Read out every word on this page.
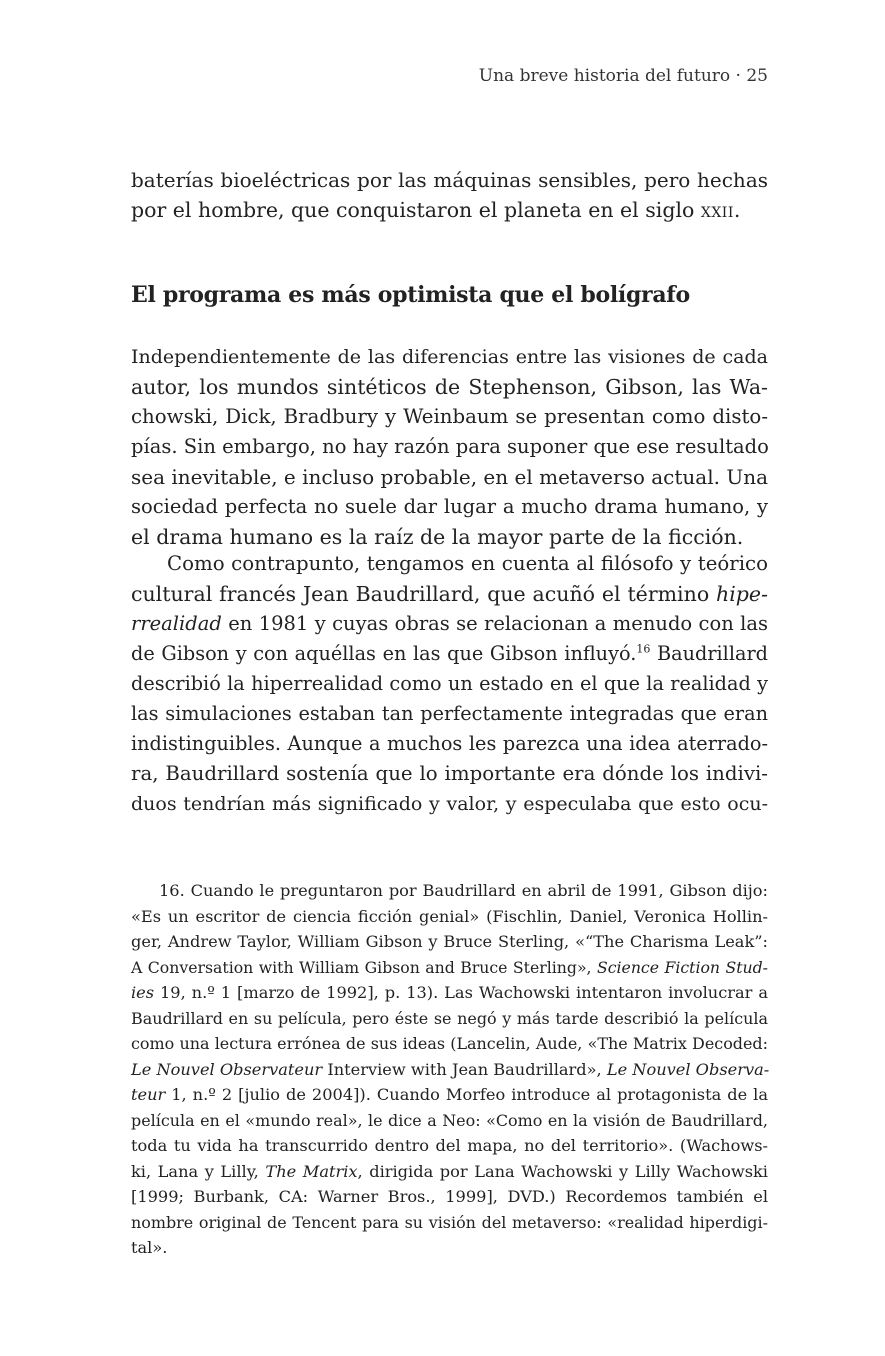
Una breve historia del futuro · 25
baterías bioeléctricas por las máquinas sensibles, pero hechas
por el hombre, que conquistaron el planeta en el siglo xxii.
El programa es más optimista que el bolígrafo
Independientemente de las diferencias entre las visiones de cada
autor, los mundos sintéticos de Stephenson, Gibson, las Wa-
chowski, Dick, Bradbury y Weinbaum se presentan como disto-
pías. Sin embargo, no hay razón para suponer que ese resultado
sea inevitable, e incluso probable, en el metaverso actual. Una
sociedad perfecta no suele dar lugar a mucho drama humano, y
el drama humano es la raíz de la mayor parte de la ficción.
Como contrapunto, tengamos en cuenta al filósofo y teórico
cultural francés Jean Baudrillard, que acuñó el término hipe-
rrealidad en 1981 y cuyas obras se relacionan a menudo con las
de Gibson y con aquéllas en las que Gibson influyó.$^{16}$ Baudrillard
describió la hiperrealidad como un estado en el que la realidad y
las simulaciones estaban tan perfectamente integradas que eran
indistinguibles. Aunque a muchos les parezca una idea aterrado-
ra, Baudrillard sostenía que lo importante era dónde los indivi-
duos tendrían más significado y valor, y especulaba que esto ocu-
16. Cuando le preguntaron por Baudrillard en abril de 1991, Gibson dijo:
«Es un escritor de ciencia ficción genial» (Fischlin, Daniel, Veronica Hollin-
ger, Andrew Taylor, William Gibson y Bruce Sterling, «“The Charisma Leak”:
A Conversation with William Gibson and Bruce Sterling», Science Fiction Stud-
ies 19, n.º 1 [marzo de 1992], p. 13). Las Wachowski intentaron involucrar a
Baudrillard en su película, pero éste se negó y más tarde describió la película
como una lectura errónea de sus ideas (Lancelin, Aude, «The Matrix Decoded:
Le Nouvel Observateur Interview with Jean Baudrillard», Le Nouvel Observa-
teur 1, n.º 2 [julio de 2004]). Cuando Morfeo introduce al protagonista de la
película en el «mundo real», le dice a Neo: «Como en la visión de Baudrillard,
toda tu vida ha transcurrido dentro del mapa, no del territorio». (Wachows-
ki, Lana y Lilly, The Matrix, dirigida por Lana Wachowski y Lilly Wachowski
[1999; Burbank, CA: Warner Bros., 1999], DVD.) Recordemos también el
nombre original de Tencent para su visión del metaverso: «realidad hiperdigi-
tal».
